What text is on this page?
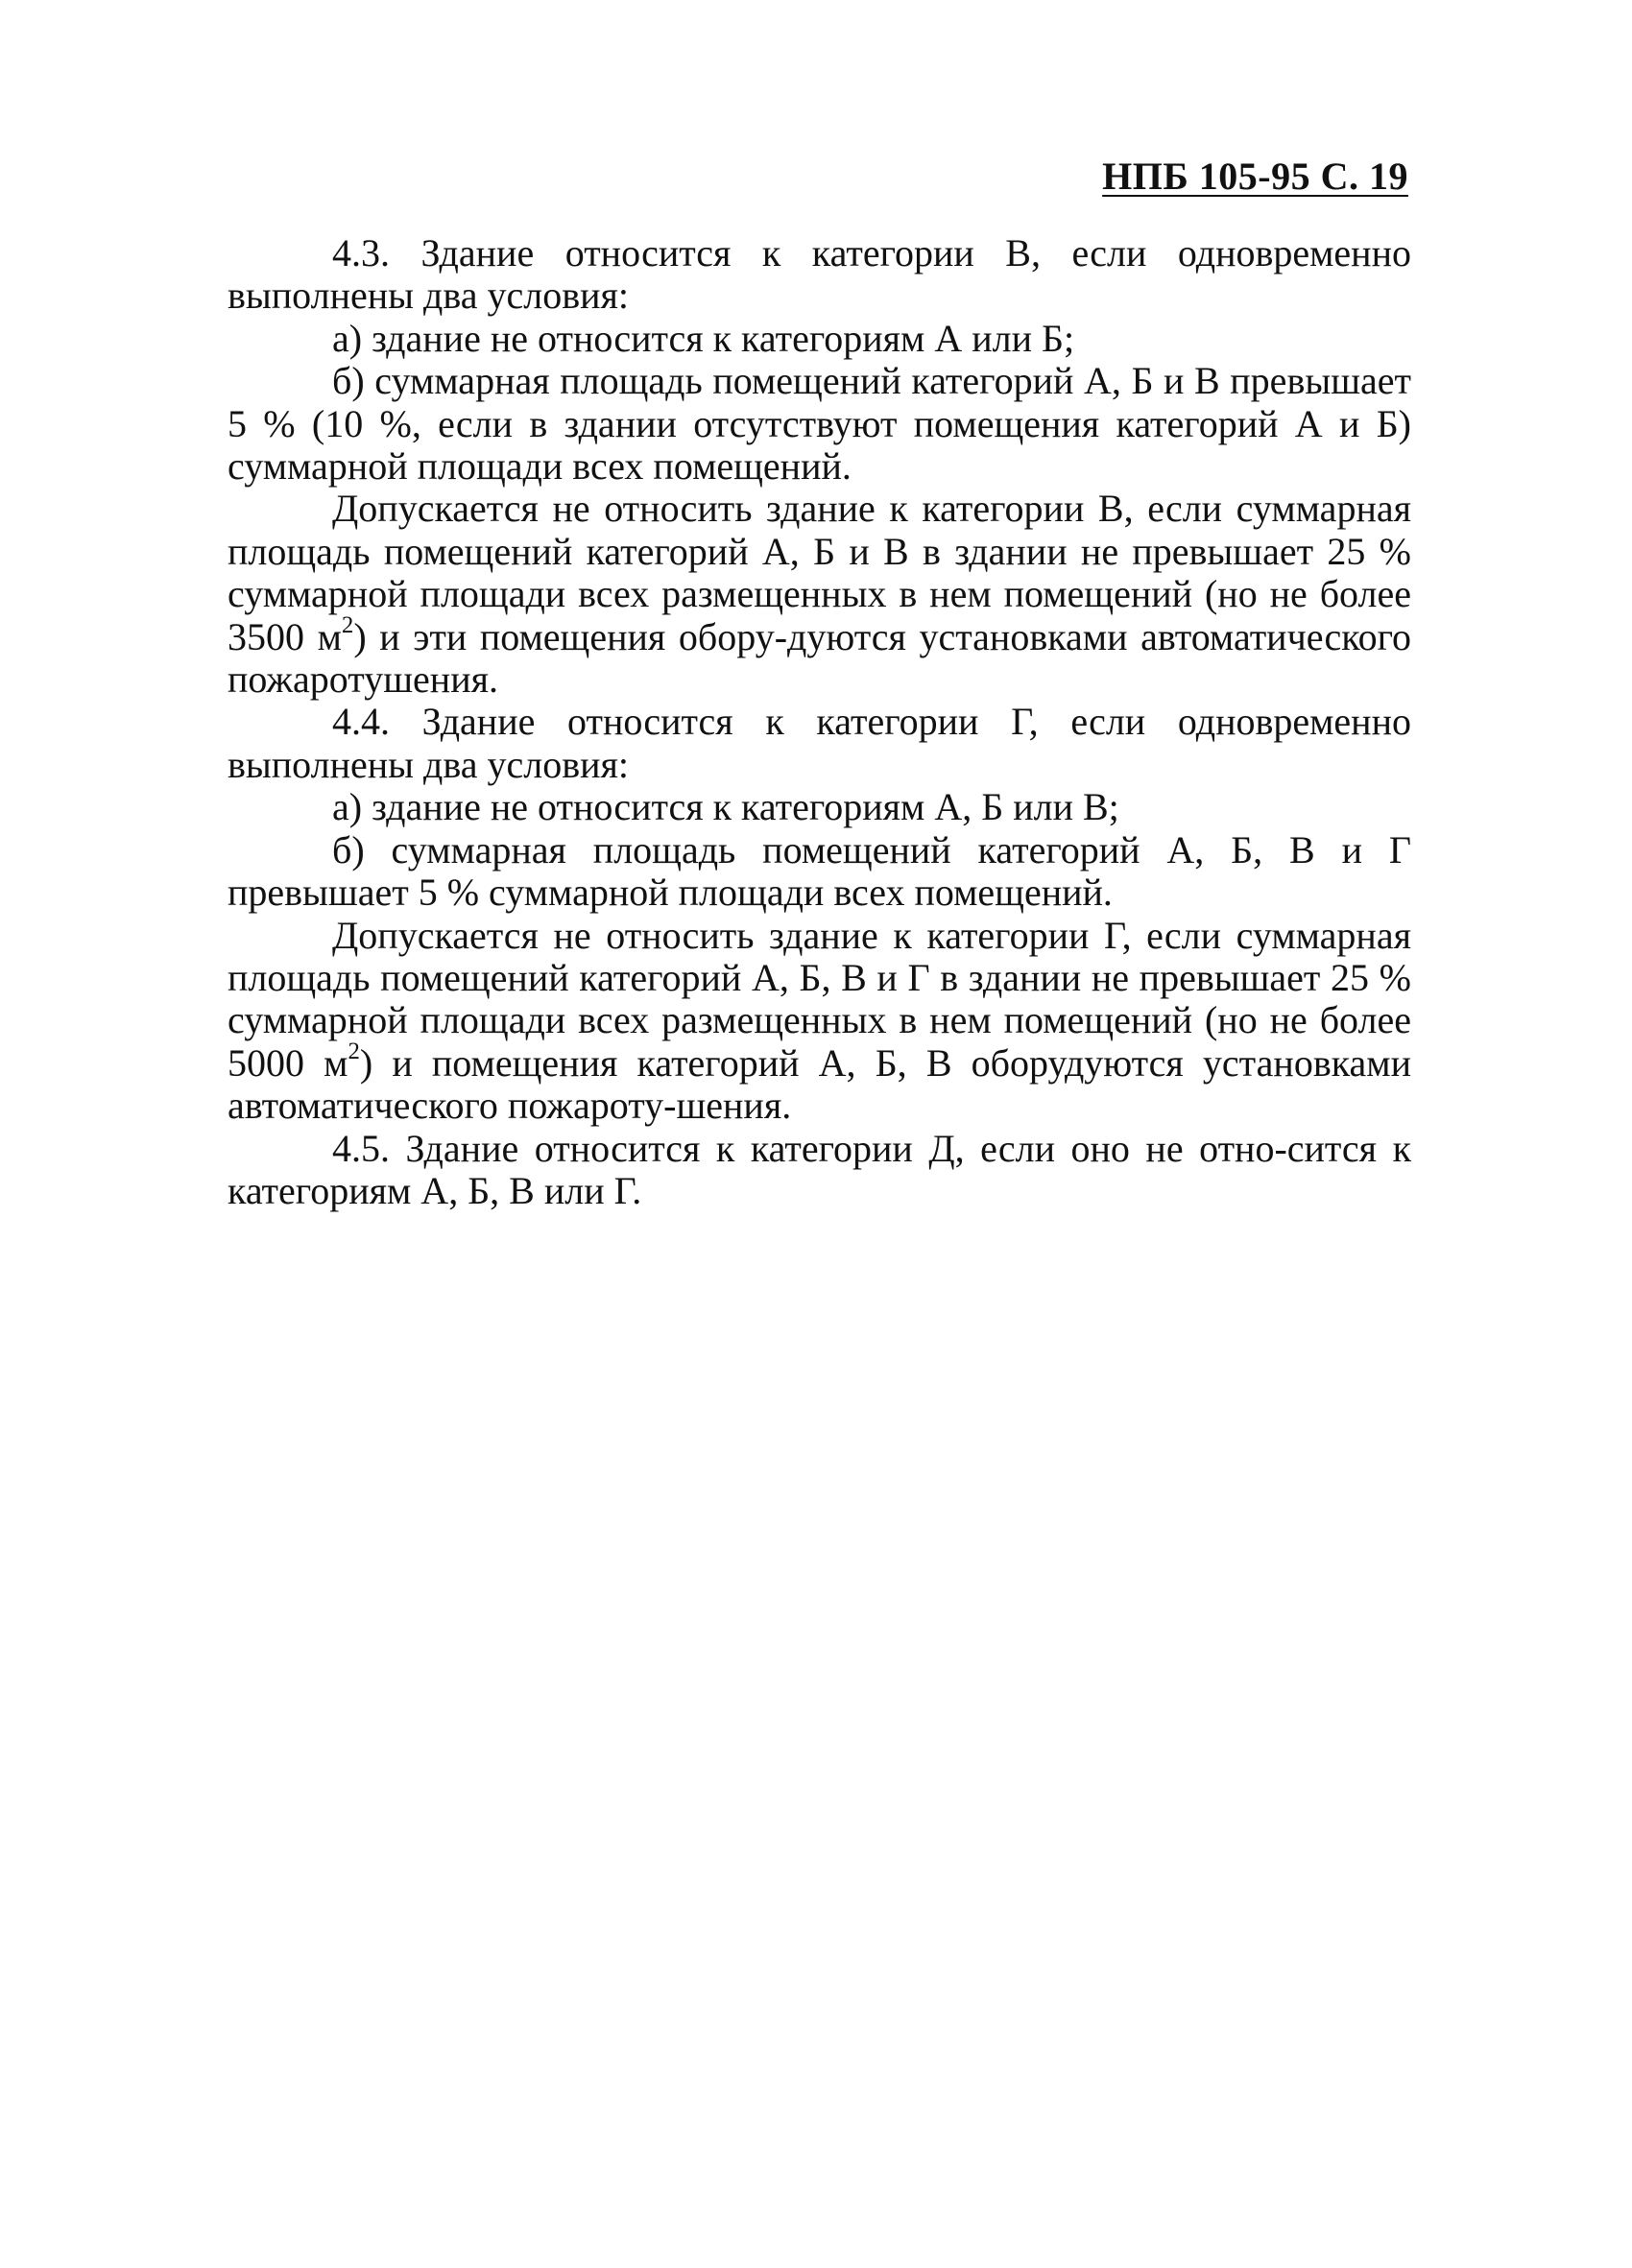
НПБ 105-95 С. 19

4.3. Здание относится к категории В, если одновременно выполнены два условия:

а) здание не относится к категориям А или Б;

б) суммарная площадь помещений категорий А, Б и В превышает 5 % (10 %, если в здании отсутствуют помещения категорий А и Б) суммарной площади всех помещений.

Допускается не относить здание к категории В, если суммарная площадь помещений категорий А, Б и В в здании не превышает 25 % суммарной площади всех размещенных в нем помещений (но не более 3500 $м^2$) и эти помещения обору-дуются установками автоматического пожаротушения.

4.4. Здание относится к категории Г, если одновременно выполнены два условия:

а) здание не относится к категориям А, Б или В;

б) суммарная площадь помещений категорий А, Б, В и Г превышает 5 % суммарной площади всех помещений.

Допускается не относить здание к категории Г, если суммарная площадь помещений категорий А, Б, В и Г в здании не превышает 25 % суммарной площади всех размещенных в нем помещений (но не более 5000 $м^2$) и помещения категорий А, Б, В оборудуются установками автоматического пожароту-шения.

4.5. Здание относится к категории Д, если оно не отно-сится к категориям А, Б, В или Г.
